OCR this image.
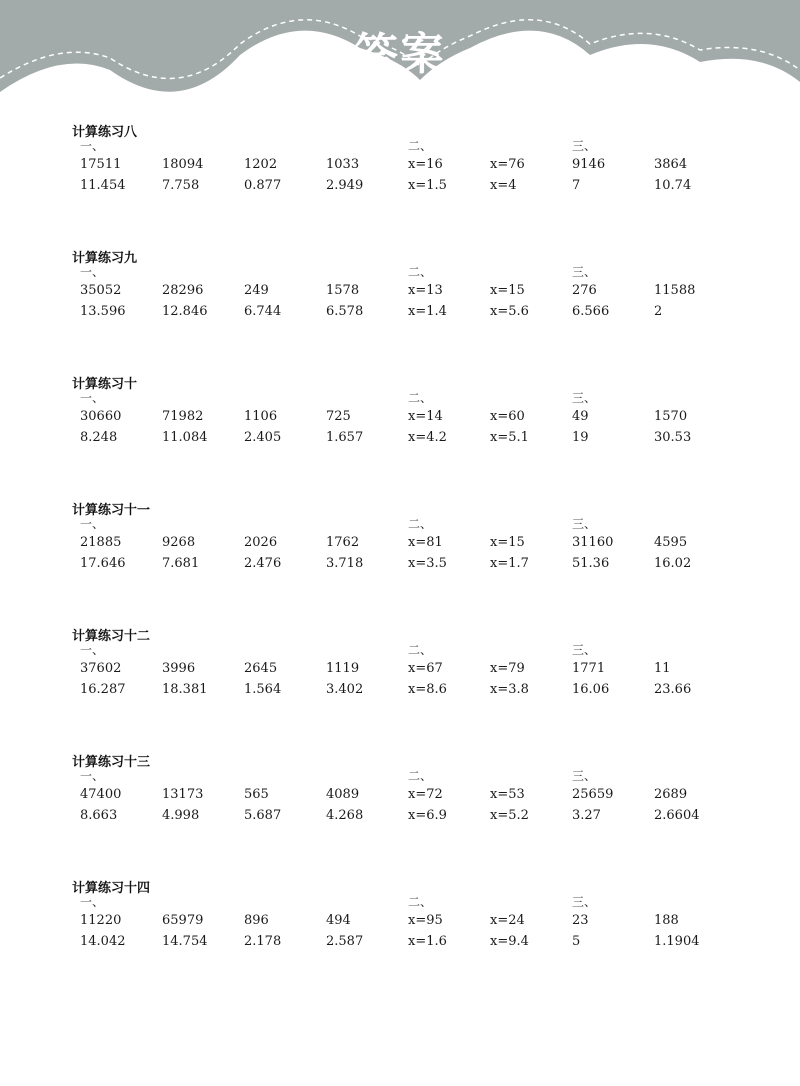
答案
计算练习八
一、	二、	三、
17511	18094	1202	1033	x=16	x=76	9146	3864
11.454	7.758	0.877	2.949	x=1.5	x=4	7	10.74
计算练习九
一、	二、	三、
35052	28296	249	1578	x=13	x=15	276	11588
13.596	12.846	6.744	6.578	x=1.4	x=5.6	6.566	2
计算练习十
一、	二、	三、
30660	71982	1106	725	x=14	x=60	49	1570
8.248	11.084	2.405	1.657	x=4.2	x=5.1	19	30.53
计算练习十一
一、	二、	三、
21885	9268	2026	1762	x=81	x=15	31160	4595
17.646	7.681	2.476	3.718	x=3.5	x=1.7	51.36	16.02
计算练习十二
一、	二、	三、
37602	3996	2645	1119	x=67	x=79	1771	11
16.287	18.381	1.564	3.402	x=8.6	x=3.8	16.06	23.66
计算练习十三
一、	二、	三、
47400	13173	565	4089	x=72	x=53	25659	2689
8.663	4.998	5.687	4.268	x=6.9	x=5.2	3.27	2.6604
计算练习十四
一、	二、	三、
11220	65979	896	494	x=95	x=24	23	188
14.042	14.754	2.178	2.587	x=1.6	x=9.4	5	1.1904
